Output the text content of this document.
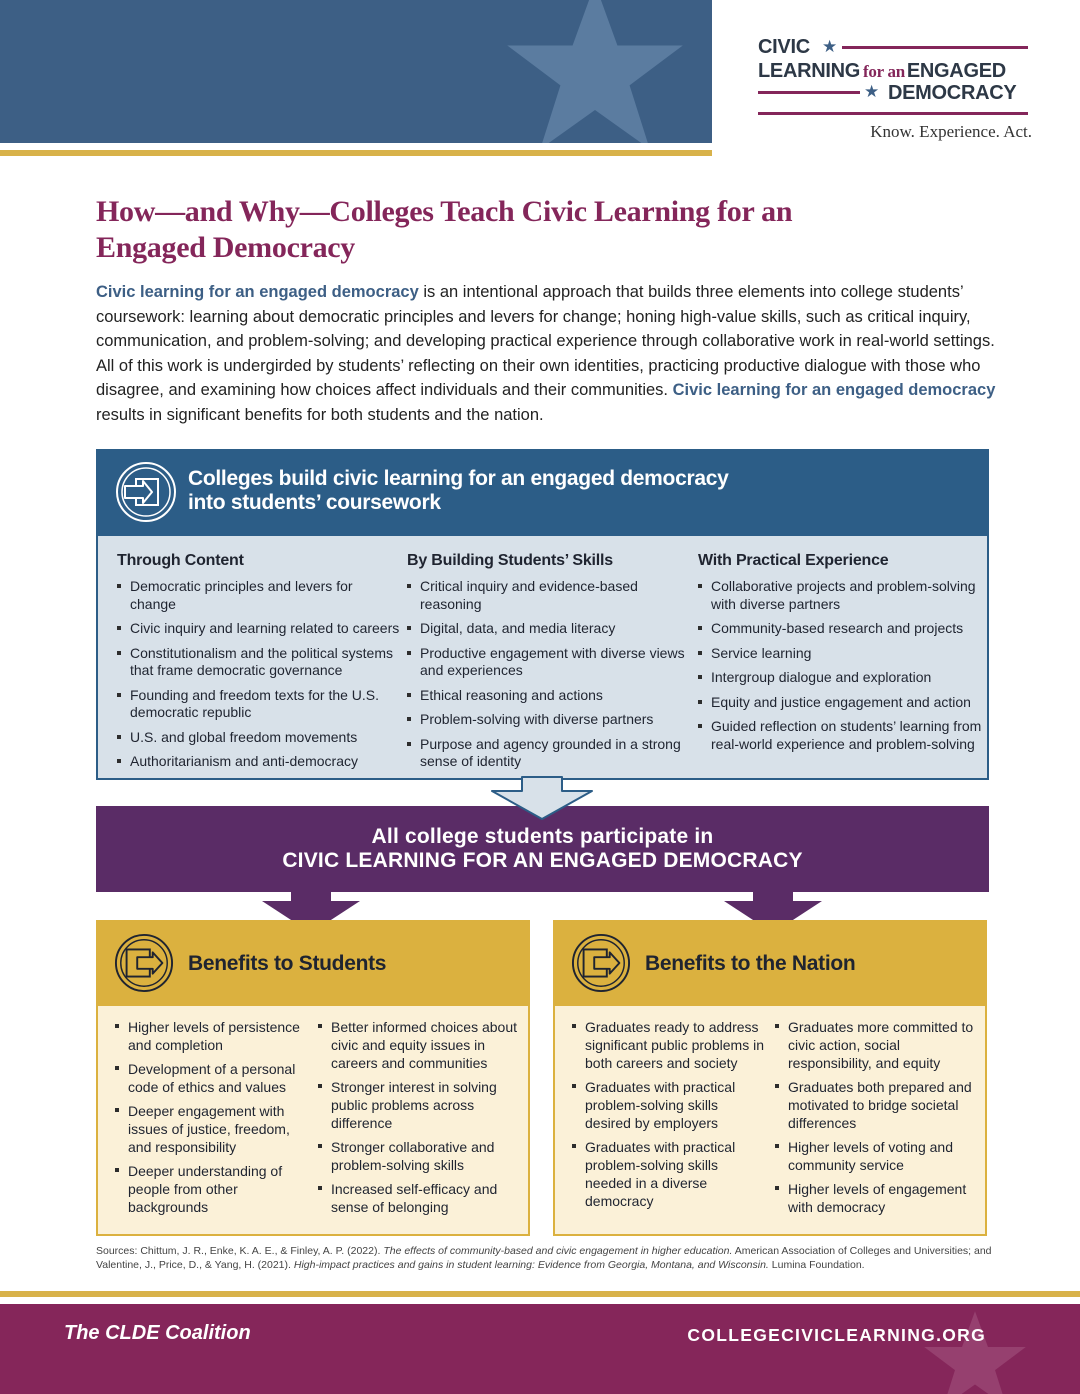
CIVIC ★
LEARNING for an ENGAGED
★ DEMOCRACY
Know. Experience. Act.
How—and Why—Colleges Teach Civic Learning for an Engaged Democracy

Civic learning for an engaged democracy is an intentional approach that builds three elements into college students’ coursework: learning about democratic principles and levers for change; honing high-value skills, such as critical inquiry, communication, and problem-solving; and developing practical experience through collaborative work in real-world settings. All of this work is undergirded by students’ reflecting on their own identities, practicing productive dialogue with those who disagree, and examining how choices affect individuals and their communities. Civic learning for an engaged democracy results in significant benefits for both students and the nation.

Colleges build civic learning for an engaged democracy
into students’ coursework
Through Content
Democratic principles and levers for change
Civic inquiry and learning related to careers
Constitutionalism and the political systems that frame democratic governance
Founding and freedom texts for the U.S. democratic republic
U.S. and global freedom movements
Authoritarianism and anti-democracy
By Building Students’ Skills
Critical inquiry and evidence-based reasoning
Digital, data, and media literacy
Productive engagement with diverse views and experiences
Ethical reasoning and actions
Problem-solving with diverse partners
Purpose and agency grounded in a strong sense of identity
With Practical Experience
Collaborative projects and problem-solving with diverse partners
Community-based research and projects
Service learning
Intergroup dialogue and exploration
Equity and justice engagement and action
Guided reflection on students’ learning from real-world experience and problem-solving
All college students participate in
CIVIC LEARNING FOR AN ENGAGED DEMOCRACY
Benefits to Students
Higher levels of persistence and completion
Development of a personal code of ethics and values
Deeper engagement with issues of justice, freedom, and responsibility
Deeper understanding of people from other backgrounds
Better informed choices about civic and equity issues in careers and communities
Stronger interest in solving public problems across difference
Stronger collaborative and problem-solving skills
Increased self-efficacy and sense of belonging
Benefits to the Nation
Graduates ready to address significant public problems in both careers and society
Graduates with practical problem-solving skills desired by employers
Graduates with practical problem-solving skills needed in a diverse democracy
Graduates more committed to civic action, social responsibility, and equity
Graduates both prepared and motivated to bridge societal differences
Higher levels of voting and community service
Higher levels of engagement with democracy

Sources: Chittum, J. R., Enke, K. A. E., & Finley, A. P. (2022). The effects of community-based and civic engagement in higher education. American Association of Colleges and Universities; and Valentine, J., Price, D., & Yang, H. (2021). High-impact practices and gains in student learning: Evidence from Georgia, Montana, and Wisconsin. Lumina Foundation.

The CLDE Coalition	COLLEGECIVICLEARNING.ORG
